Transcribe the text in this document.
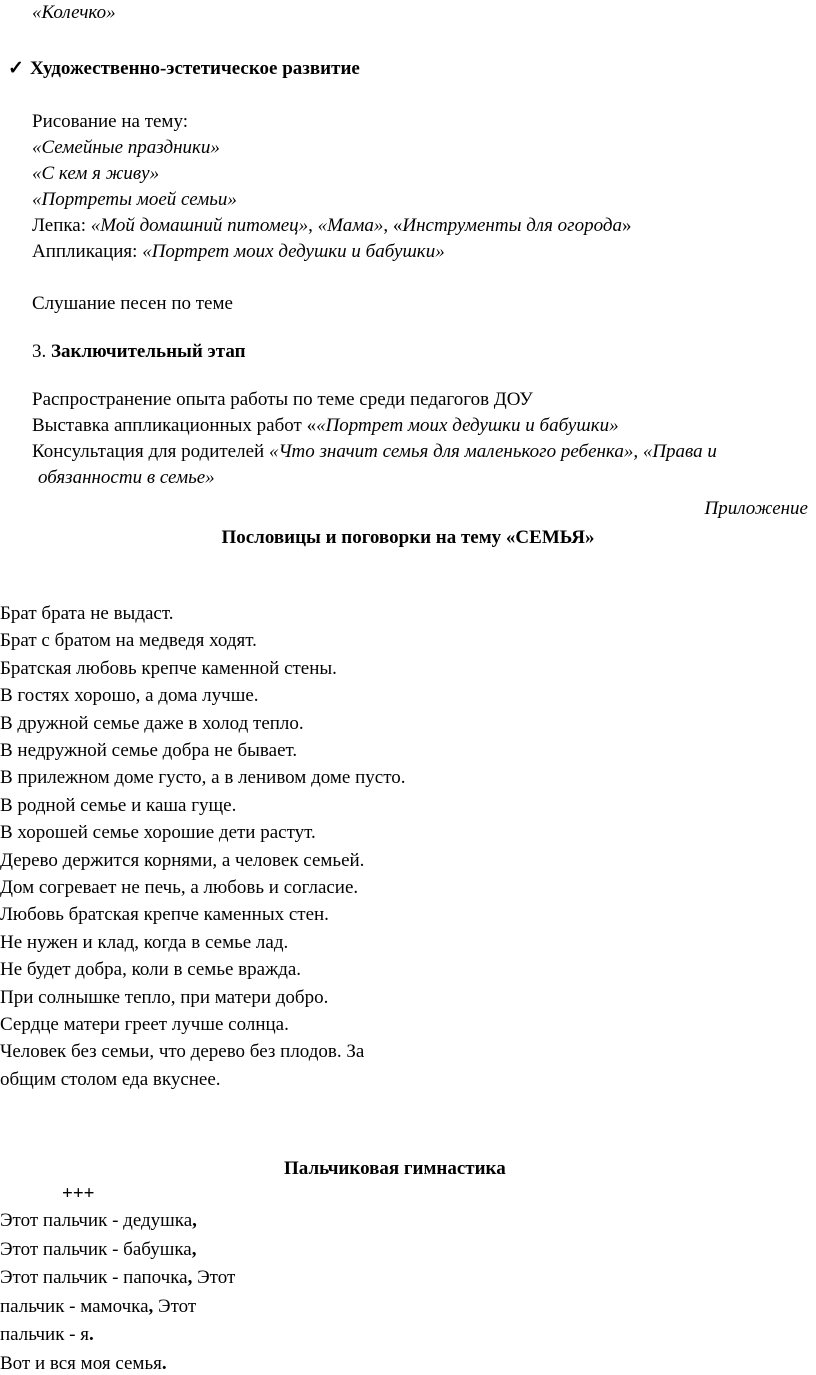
«Колечко»
✓ Художественно-эстетическое развитие
Рисование на тему:
«Семейные праздники»
«С кем я живу»
«Портреты моей семьи»
Лепка: «Мой домашний питомец», «Мама», «Инструменты для огорода»
Аппликация: «Портрет моих дедушки и бабушки»
Слушание песен по теме
3. Заключительный этап
Распространение опыта работы по теме среди педагогов ДОУ
Выставка аппликационных работ ««Портрет моих дедушки и бабушки»
Консультация для родителей «Что значит семья для маленького ребенка», «Права и
обязанности в семье»
Приложение
Пословицы и поговорки на тему «СЕМЬЯ»
Брат брата не выдаст.
Брат с братом на медведя ходят.
Братская любовь крепче каменной стены.
В гостях хорошо, а дома лучше.
В дружной семье даже в холод тепло.
В недружной семье добра не бывает.
В прилежном доме густо, а в ленивом доме пусто.
В родной семье и каша гуще.
В хорошей семье хорошие дети растут.
Дерево держится корнями, а человек семьей.
Дом согревает не печь, а любовь и согласие.
Любовь братская крепче каменных стен.
Не нужен и клад, когда в семье лад.
Не будет добра, коли в семье вражда.
При солнышке тепло, при матери добро.
Сердце матери греет лучше солнца.
Человек без семьи, что дерево без плодов. За
общим столом еда вкуснее.
Пальчиковая гимнастика
+++
Этот пальчик - дедушка,
Этот пальчик - бабушка,
Этот пальчик - папочка, Этот
пальчик - мамочка, Этот
пальчик - я.
Вот и вся моя семья.
